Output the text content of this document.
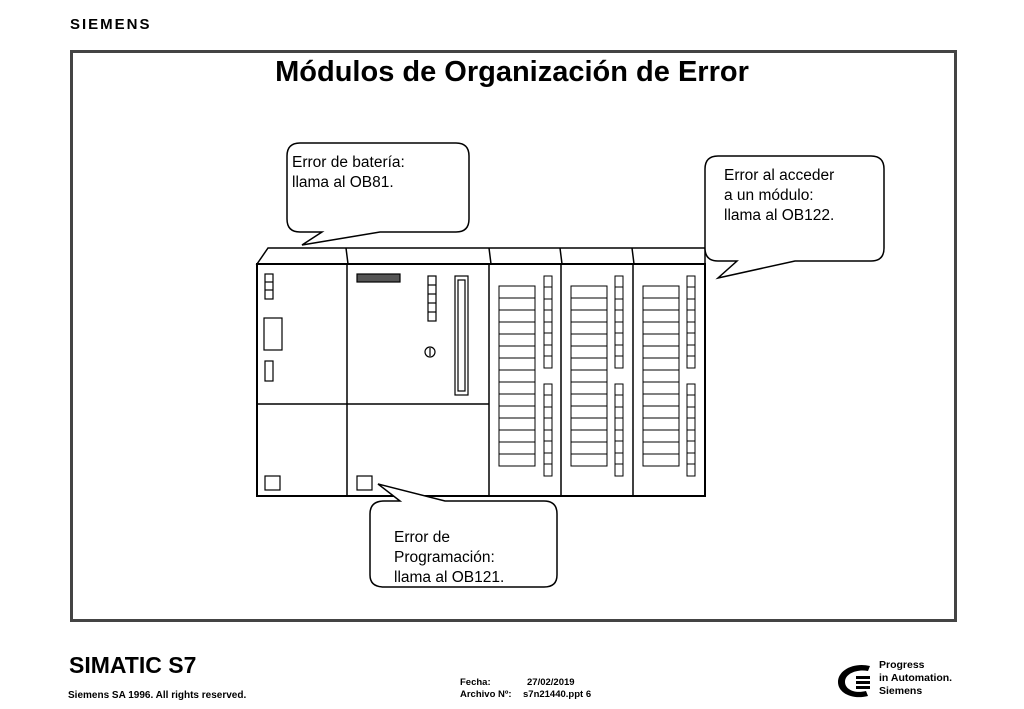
SIEMENS
Módulos de Organización de Error
Error de batería:
llama al OB81.	Error al acceder
a un módulo:
llama al OB122.
Error de
Programación:
llama al OB121.
SIMATIC S7
Siemens SA 1996. All rights reserved.
Fecha:	27/02/2019
Archivo Nº: s7n21440.ppt 6
Progress
in Automation.
Siemens
